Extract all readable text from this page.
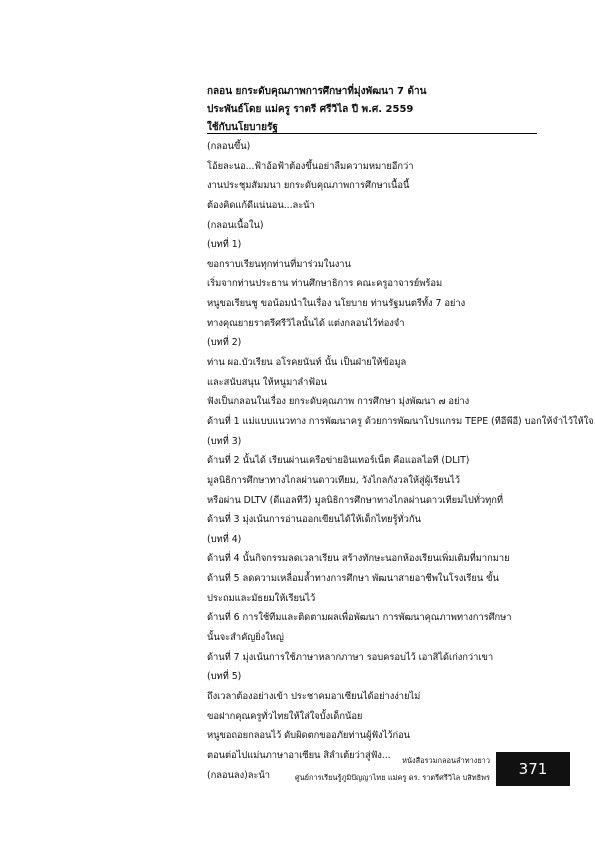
กลอน ยกระดับคุณภาพการศึกษาที่มุ่งพัฒนา 7 ด้าน
ประพันธ์โดย แม่ครู ราตรี ศรีวิไล ปี พ.ศ. 2559
ใช้กับนโยบายรัฐ
(กลอนขึ้น)
โอ้ยละนอ...ฟ้าอ้อฟ้าต้องขึ้นอย่าลืมความหมายอีกว่า
งานประชุมสัมมนา ยกระดับคุณภาพการศึกษาเนื้อนี้
ต้องคิดแก้ดีแน่นอน...ละน้า
(กลอนเนื้อใน)
(บทที่ 1)
ขอกราบเรียนทุกท่านที่มาร่วมในงาน
เริ่มจากท่านประธาน ท่านศึกษาธิการ คณะครูอาจารย์พร้อม
หนูขอเรียนชู ขอน้อมนำในเรื่อง นโยบาย ท่านรัฐมนตรีทั้ง 7 อย่าง
ทางคุณยายราตรีศรีวิไลนั้นได้ แต่งกลอนไว้ท่องจำ
(บทที่ 2)
ท่าน ผอ.บัวเรียน อโรคยนันท์ นั้น เป็นฝ่ายให้ข้อมูล
และสนับสนุน ให้หนูมาลำฟ้อน
ฟังเป็นกลอนในเรื่อง ยกระดับคุณภาพ การศึกษา มุ่งพัฒนา ๗ อย่าง
ด้านที่ 1 แม่แบบแนวทาง การพัฒนาครู ด้วยการพัฒนาโปรแกรม TEPE (ทีอีพีอี) บอกให้จำไว้ให้ใจ
(บทที่ 3)
ด้านที่ 2 นั้นได้ เรียนผ่านเครือข่ายอินเทอร์เน็ต คือแอลไอที (DLIT)
มูลนิธิการศึกษาทางไกลผ่านดาวเทียม, วังไกลกังวลให้สู่ผู้เรียนไว้
หรือผ่าน DLTV (ดีแอลทีวี) มูลนิธิการศึกษาทางไกลผ่านดาวเทียมไปทั่วทุกที่
ด้านที่ 3 มุ่งเน้นการอ่านออกเขียนได้ให้เด็กไทยรู้ทั่วกัน
(บทที่ 4)
ด้านที่ 4 นั้นกิจกรรมลดเวลาเรียน สร้างทักษะนอกห้องเรียนเพิ่มเติมที่มากมาย
ด้านที่ 5 ลดความเหลื่อมล้ำทางการศึกษา พัฒนาสายอาชีพในโรงเรียน ขั้น
ประถมและมัธยมให้เรียนไว้
ด้านที่ 6 การใช้ทีมและติดตามผลเพื่อพัฒนา การพัฒนาคุณภาพทางการศึกษา
นั้นจะสำคัญยิ่งใหญ่
ด้านที่ 7 มุ่งเน้นการใช้ภาษาหลากภาษา รอบครอบไว้ เอาสิได้เก่งกว่าเขา
(บทที่ 5)
ถึงเวลาต้องอย่างเข้า ประชาคมอาเซียนได้อย่างง่ายไม่
ขอฝากคุณครูทั่วไทยให้ใส่ใจบั้งเด็กน้อย
หนูขอถอยกลอนไว้ ดับผิดตกขออภัยท่านผู้ฟังไว้ก่อน
ตอนต่อไปแม่นภาษาอาเซียน สิลำเต้ยว่าสู่ฟัง...
(กลอนลง)ละน้า
หนังสือรวมกลอนลำทางยาว
ศูนย์การเรียนรู้ภูมิปัญญาไทย แม่ครู ดร. ราตรีศรีวิไล บสิทธิพร	371
